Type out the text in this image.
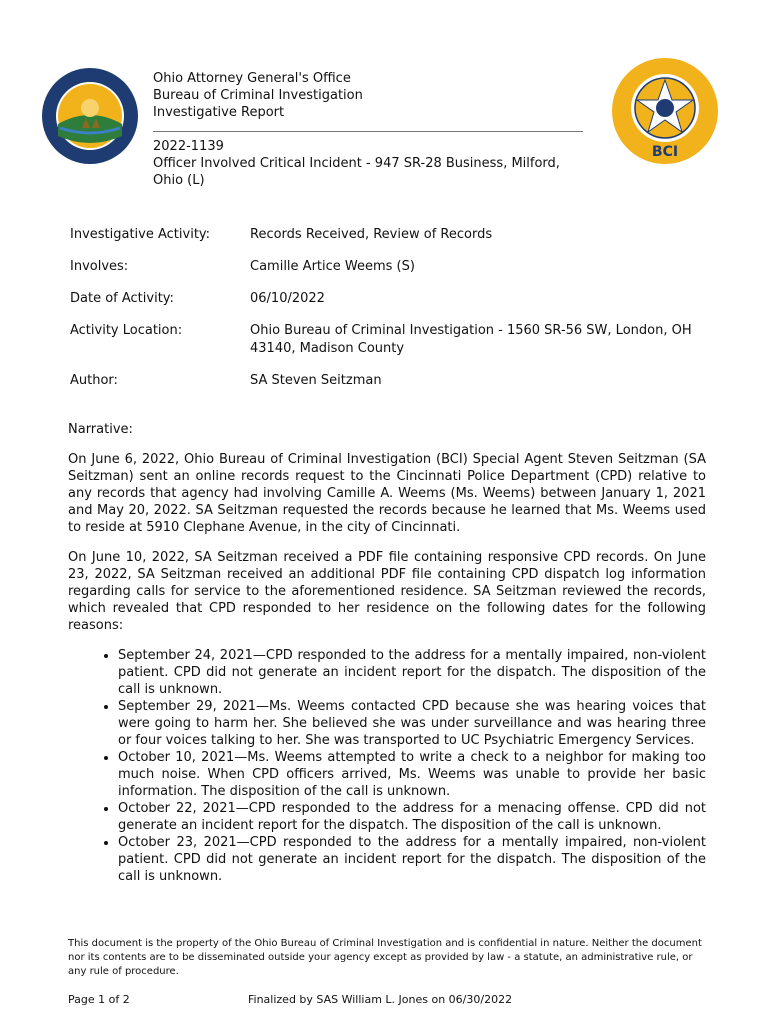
BCI
Ohio Attorney General's Office
Bureau of Criminal Investigation
Investigative Report
2022-1139
Officer Involved Critical Incident - 947 SR-28 Business, Milford, Ohio (L)
Investigative Activity:	Records Received, Review of Records
Involves:	Camille Artice Weems (S)
Date of Activity:	06/10/2022
Activity Location:	Ohio Bureau of Criminal Investigation - 1560 SR-56 SW, London, OH 43140, Madison County
Author:	SA Steven Seitzman
Narrative:

On June 6, 2022, Ohio Bureau of Criminal Investigation (BCI) Special Agent Steven Seitzman (SA Seitzman) sent an online records request to the Cincinnati Police Department (CPD) relative to any records that agency had involving Camille A. Weems (Ms. Weems) between January 1, 2021 and May 20, 2022. SA Seitzman requested the records because he learned that Ms. Weems used to reside at 5910 Clephane Avenue, in the city of Cincinnati.

On June 10, 2022, SA Seitzman received a PDF file containing responsive CPD records. On June 23, 2022, SA Seitzman received an additional PDF file containing CPD dispatch log information regarding calls for service to the aforementioned residence. SA Seitzman reviewed the records, which revealed that CPD responded to her residence on the following dates for the following reasons:

• September 24, 2021—CPD responded to the address for a mentally impaired, non-violent patient. CPD did not generate an incident report for the dispatch. The disposition of the call is unknown.
• September 29, 2021—Ms. Weems contacted CPD because she was hearing voices that were going to harm her. She believed she was under surveillance and was hearing three or four voices talking to her. She was transported to UC Psychiatric Emergency Services.
• October 10, 2021—Ms. Weems attempted to write a check to a neighbor for making too much noise. When CPD officers arrived, Ms. Weems was unable to provide her basic information. The disposition of the call is unknown.
• October 22, 2021—CPD responded to the address for a menacing offense. CPD did not generate an incident report for the dispatch. The disposition of the call is unknown.
• October 23, 2021—CPD responded to the address for a mentally impaired, non-violent patient. CPD did not generate an incident report for the dispatch. The disposition of the call is unknown.
This document is the property of the Ohio Bureau of Criminal Investigation and is confidential in nature. Neither the document nor its contents are to be disseminated outside your agency except as provided by law - a statute, an administrative rule, or any rule of procedure.
Page 1 of 2	Finalized by SAS William L. Jones on 06/30/2022
